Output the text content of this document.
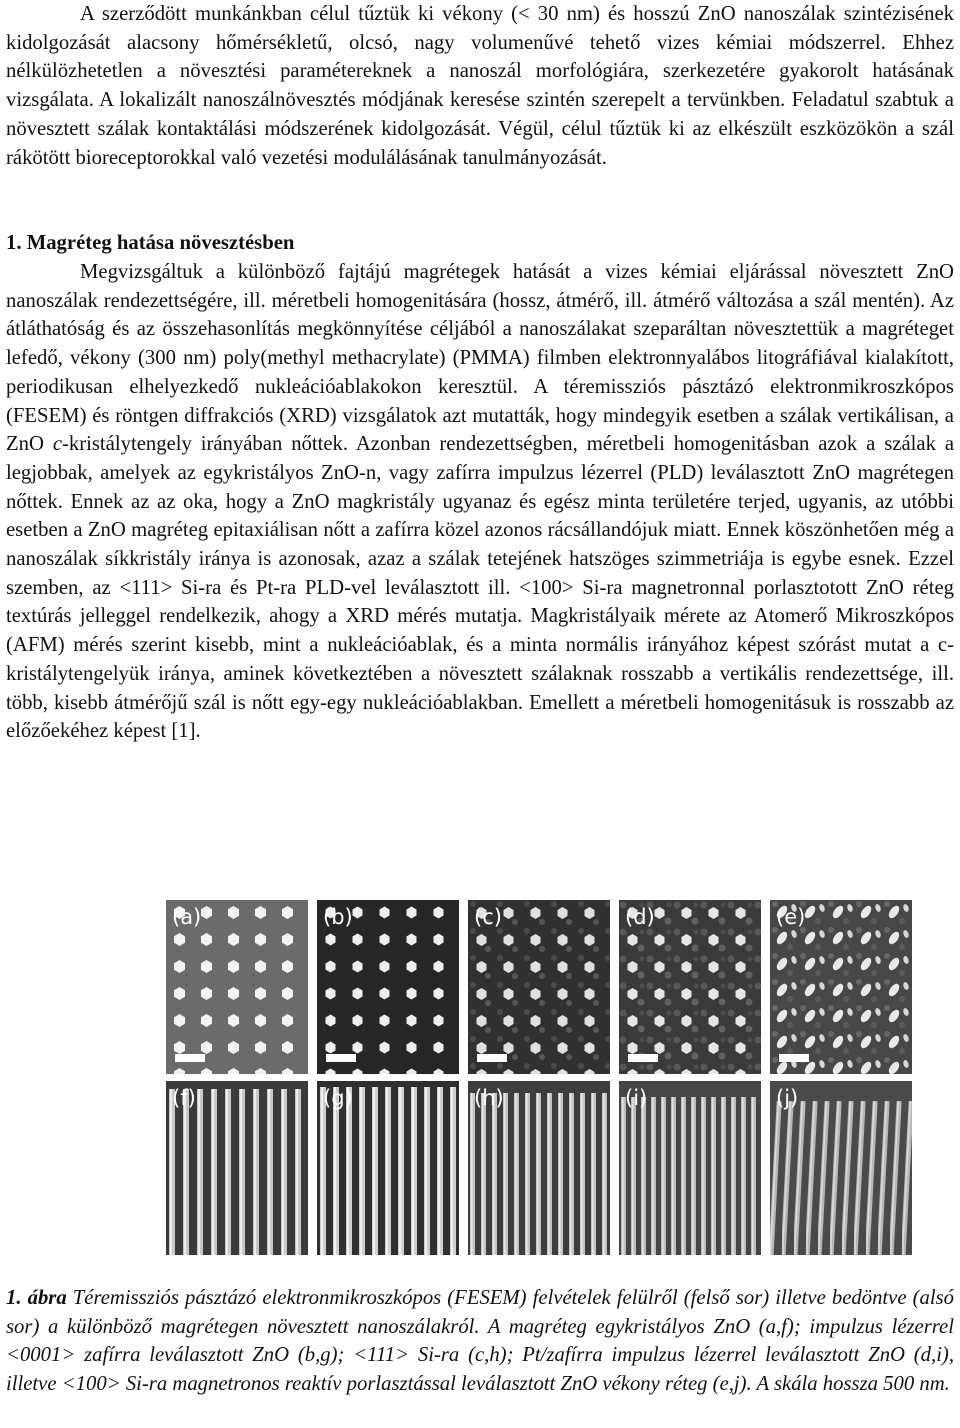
A szerződött munkánkban célul tűztük ki vékony (< 30 nm) és hosszú ZnO nanoszálak szintézisének kidolgozását alacsony hőmérsékletű, olcsó, nagy volumenűvé tehető vizes kémiai módszerrel. Ehhez nélkülözhetetlen a növesztési paramétereknek a nanoszál morfológiára, szerkezetére gyakorolt hatásának vizsgálata. A lokalizált nanoszálnövesztés módjának keresése szintén szerepelt a tervünkben. Feladatul szabtuk a növesztett szálak kontaktálási módszerének kidolgozását. Végül, célul tűztük ki az elkészült eszközökön a szál rákötött bioreceptorokkal való vezetési modulálásának tanulmányozását.

1. Magréteg hatása növesztésben

Megvizsgáltuk a különböző fajtájú magrétegek hatását a vizes kémiai eljárással növesztett ZnO nanoszálak rendezettségére, ill. méretbeli homogenitására (hossz, átmérő, ill. átmérő változása a szál mentén). Az átláthatóság és az összehasonlítás megkönnyítése céljából a nanoszálakat szeparáltan növesztettük a magréteget lefedő, vékony (300 nm) poly(methyl methacrylate) (PMMA) filmben elektronnyalábos litográfiával kialakított, periodikusan elhelyezkedő nukleációablakokon keresztül. A téremissziós pásztázó elektronmikroszkópos (FESEM) és röntgen diffrakciós (XRD) vizsgálatok azt mutatták, hogy mindegyik esetben a szálak vertikálisan, a ZnO c-kristálytengely irányában nőttek. Azonban rendezettségben, méretbeli homogenitásban azok a szálak a legjobbak, amelyek az egykristályos ZnO-n, vagy zafírra impulzus lézerrel (PLD) leválasztott ZnO magrétegen nőttek. Ennek az az oka, hogy a ZnO magkristály ugyanaz és egész minta területére terjed, ugyanis, az utóbbi esetben a ZnO magréteg epitaxiálisan nőtt a zafírra közel azonos rácsállandójuk miatt. Ennek köszönhetően még a nanoszálak síkkristály iránya is azonosak, azaz a szálak tetejének hatszöges szimmetriája is egybe esnek. Ezzel szemben, az <111> Si-ra és Pt-ra PLD-vel leválasztott ill. <100> Si-ra magnetronnal porlasztotott ZnO réteg textúrás jelleggel rendelkezik, ahogy a XRD mérés mutatja. Magkristályaik mérete az Atomerő Mikroszkópos (AFM) mérés szerint kisebb, mint a nukleációablak, és a minta normális irányához képest szórást mutat a c- kristálytengelyük iránya, aminek következtében a növesztett szálaknak rosszabb a vertikális rendezettsége, ill. több, kisebb átmérőjű szál is nőtt egy-egy nukleációablakban. Emellett a méretbeli homogenitásuk is rosszabb az előzőekéhez képest [1].

(a)	(b)	(c)	(d)	(e)
(f)	(g)	(h)	(i)	(j)

1. ábra Téremissziós pásztázó elektronmikroszkópos (FESEM) felvételek felülről (felső sor) illetve bedöntve (alsó sor) a különböző magrétegen növesztett nanoszálakról. A magréteg egykristályos ZnO (a,f); impulzus lézerrel <0001> zafírra leválasztott ZnO (b,g); <111> Si-ra (c,h); Pt/zafírra impulzus lézerrel leválasztott ZnO (d,i), illetve <100> Si-ra magnetronos reaktív porlasztással leválasztott ZnO vékony réteg (e,j). A skála hossza 500 nm.
